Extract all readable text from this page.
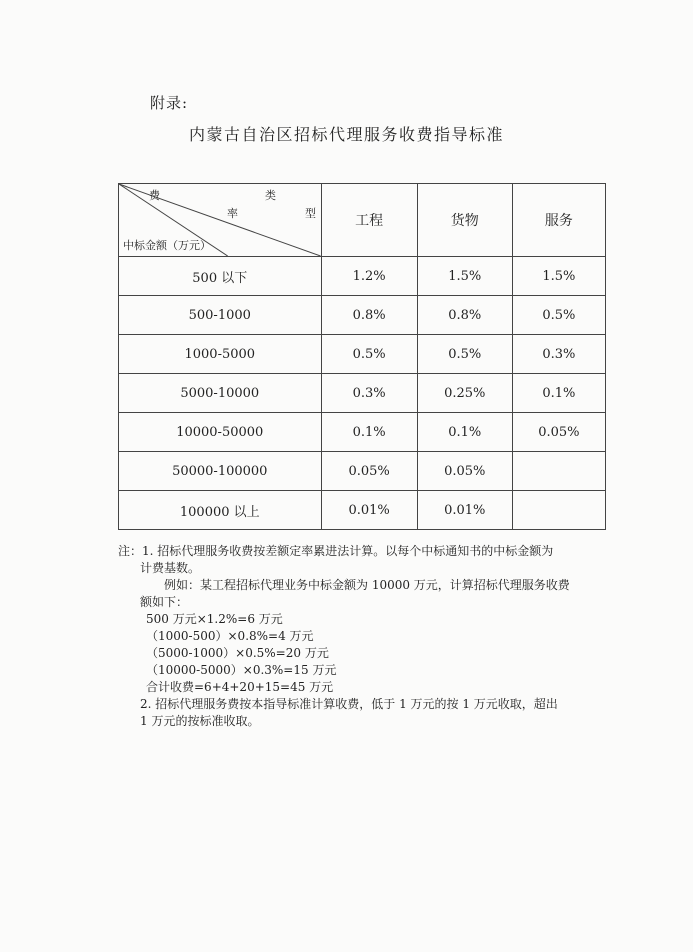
附录:
内蒙古自治区招标代理服务收费指导标准
费 类
率 型
中标金额（万元）	工程	货物	服务
500 以下	1.2%	1.5%	1.5%
500-1000	0.8%	0.8%	0.5%
1000-5000	0.5%	0.5%	0.3%
5000-10000	0.3%	0.25%	0.1%
10000-50000	0.1%	0.1%	0.05%
50000-100000	0.05%	0.05%	
100000 以上	0.01%	0.01%	

注：1. 招标代理服务收费按差额定率累进法计算。以每个中标通知书的中标金额为

计费基数。

例如：某工程招标代理业务中标金额为 10000 万元，计算招标代理服务收费

额如下：

500 万元×1.2%=6 万元

（1000-500）×0.8%=4 万元

（5000-1000）×0.5%=20 万元

（10000-5000）×0.3%=15 万元

合计收费=6+4+20+15=45 万元

2. 招标代理服务费按本指导标准计算收费，低于 1 万元的按 1 万元收取，超出

1 万元的按标准收取。
